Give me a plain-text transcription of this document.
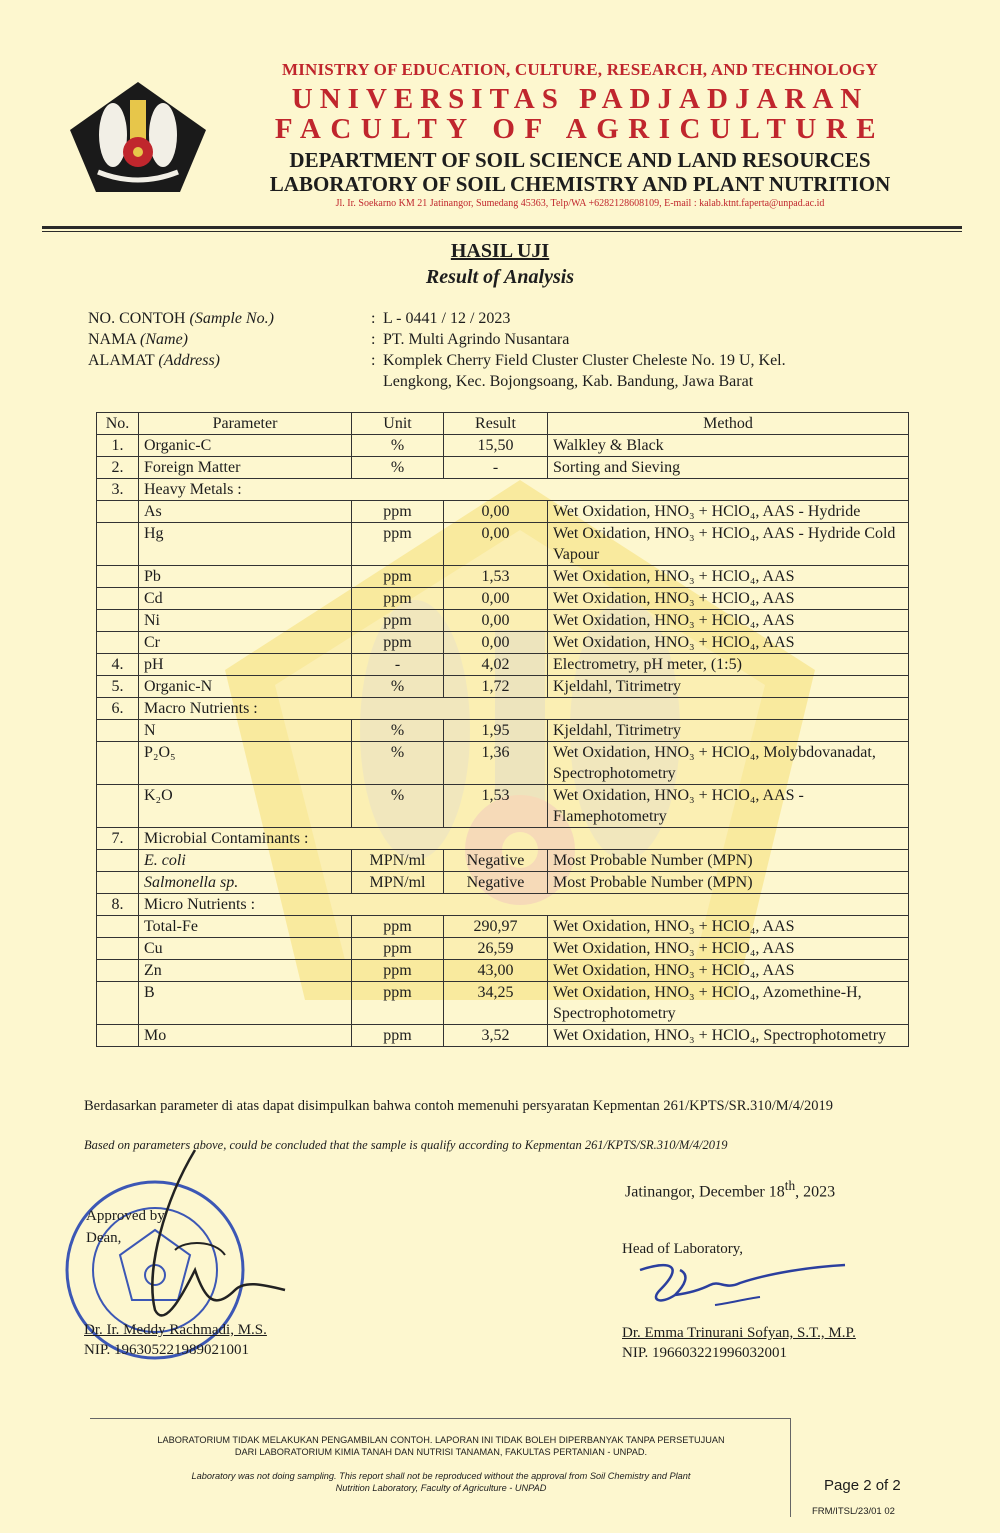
MINISTRY OF EDUCATION, CULTURE, RESEARCH, AND TECHNOLOGY
UNIVERSITAS PADJADJARAN
FACULTY OF AGRICULTURE
DEPARTMENT OF SOIL SCIENCE AND LAND RESOURCES
LABORATORY OF SOIL CHEMISTRY AND PLANT NUTRITION
Jl. Ir. Soekarno KM 21 Jatinangor, Sumedang 45363, Telp/WA +6282128608109, E-mail : kalab.ktnt.faperta@unpad.ac.id
HASIL UJI
Result of Analysis
NO. CONTOH (Sample No.)	: L - 0441 / 12 / 2023
NAMA (Name)	: PT. Multi Agrindo Nusantara
ALAMAT (Address)	: Komplek Cherry Field Cluster Cluster Cheleste No. 19 U, Kel.
Lengkong, Kec. Bojongsoang, Kab. Bandung, Jawa Barat
No.	Parameter	Unit	Result	Method
1.	Organic-C	%	15,50	Walkley & Black
2.	Foreign Matter	%	-	Sorting and Sieving
3.	Heavy Metals :			
	As	ppm	0,00	Wet Oxidation, HNO₃ + HClO₄, AAS - Hydride
	Hg	ppm	0,00	Wet Oxidation, HNO₃ + HClO₄, AAS - Hydride Cold Vapour
	Pb	ppm	1,53	Wet Oxidation, HNO₃ + HClO₄, AAS
	Cd	ppm	0,00	Wet Oxidation, HNO₃ + HClO₄, AAS
	Ni	ppm	0,00	Wet Oxidation, HNO₃ + HClO₄, AAS
	Cr	ppm	0,00	Wet Oxidation, HNO₃ + HClO₄, AAS
4.	pH	-	4,02	Electrometry, pH meter, (1:5)
5.	Organic-N	%	1,72	Kjeldahl, Titrimetry
6.	Macro Nutrients :			
	N	%	1,95	Kjeldahl, Titrimetry
	P₂O₅	%	1,36	Wet Oxidation, HNO₃ + HClO₄, Molybdovanadat, Spectrophotometry
	K₂O	%	1,53	Wet Oxidation, HNO₃ + HClO₄, AAS - Flamephotometry
7.	Microbial Contaminants :			
	E. coli	MPN/ml	Negative	Most Probable Number (MPN)
	Salmonella sp.	MPN/ml	Negative	Most Probable Number (MPN)
8.	Micro Nutrients :			
	Total-Fe	ppm	290,97	Wet Oxidation, HNO₃ + HClO₄, AAS
	Cu	ppm	26,59	Wet Oxidation, HNO₃ + HClO₄, AAS
	Zn	ppm	43,00	Wet Oxidation, HNO₃ + HClO₄, AAS
	B	ppm	34,25	Wet Oxidation, HNO₃ + HClO₄, Azomethine-H, Spectrophotometry
	Mo	ppm	3,52	Wet Oxidation, HNO₃ + HClO₄, Spectrophotometry
Berdasarkan parameter di atas dapat disimpulkan bahwa contoh memenuhi persyaratan Kepmentan 261/KPTS/SR.310/M/4/2019
Based on parameters above, could be concluded that the sample is qualify according to Kepmentan 261/KPTS/SR.310/M/4/2019
Jatinangor, December 18th, 2023
Approved by
Dean,
Dr. Ir. Meddy Rachmadi, M.S.
NIP. 196305221989021001
Head of Laboratory,
Dr. Emma Trinurani Sofyan, S.T., M.P.
NIP. 196603221996032001
LABORATORIUM TIDAK MELAKUKAN PENGAMBILAN CONTOH. LAPORAN INI TIDAK BOLEH DIPERBANYAK TANPA PERSETUJUAN
DARI LABORATORIUM KIMIA TANAH DAN NUTRISI TANAMAN, FAKULTAS PERTANIAN - UNPAD.
Laboratory was not doing sampling. This report shall not be reproduced without the approval from Soil Chemistry and Plant
Nutrition Laboratory, Faculty of Agriculture - UNPAD	Page 2 of 2
FRM/ITSL/23/01 02
